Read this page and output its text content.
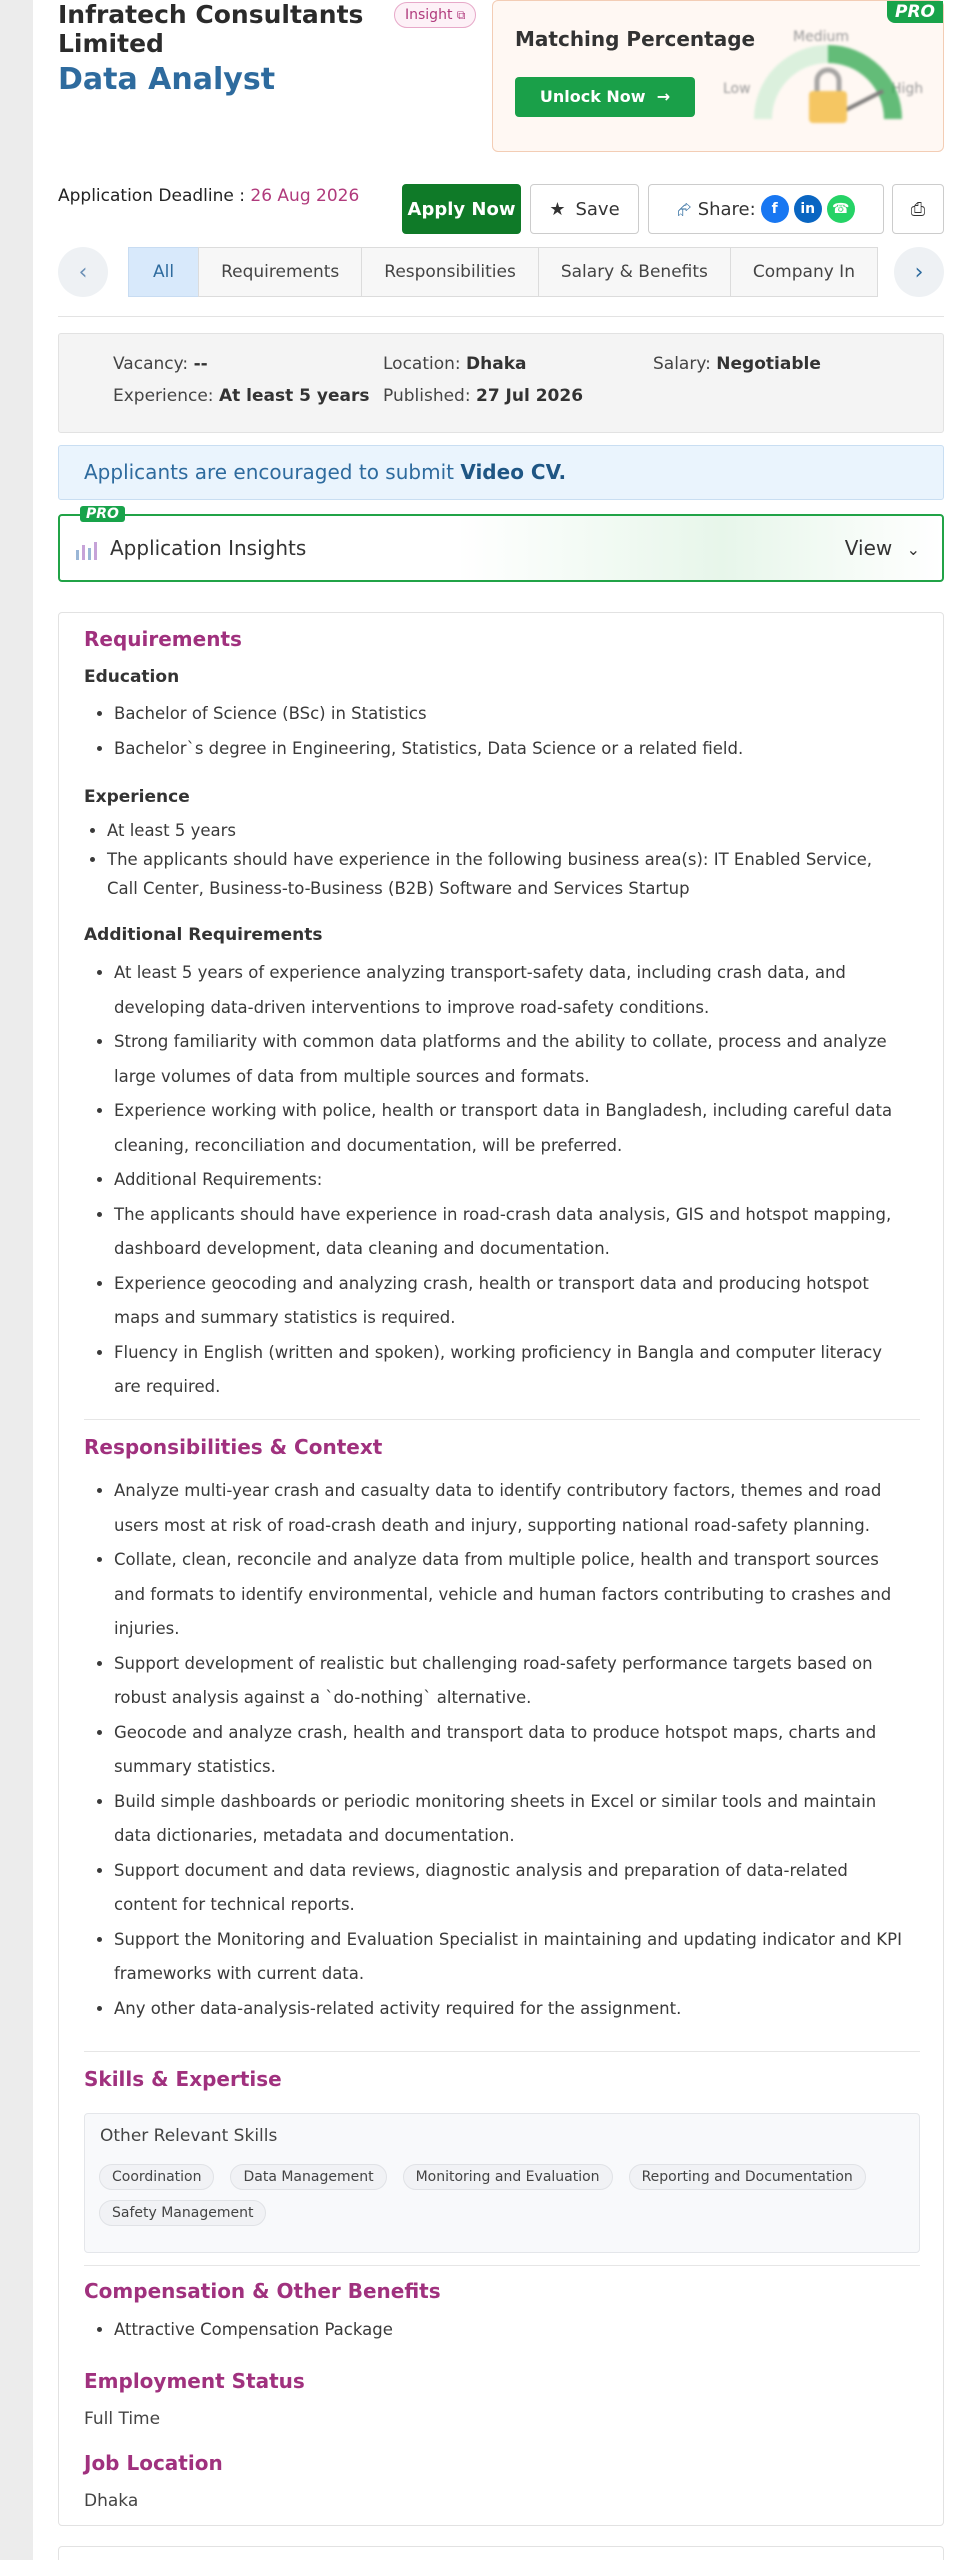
Infratech Consultants Limited
Insight ⧉
Data Analyst
PRO
Matching Percentage
Unlock Now  →	Low
Medium
High
Application Deadline : 26 Aug 2026
Apply Now	★ Save	⮳ Share:	f	in	☎	⎙
‹	All	Requirements	Responsibilities	Salary & Benefits	Company In	›
Vacancy: --	Location: Dhaka	Salary: Negotiable
Experience: At least 5 years Published: 27 Jul 2026
Applicants are encouraged to submit Video CV.
PRO
Application Insights	View ⌄
Requirements
Education
• Bachelor of Science (BSc) in Statistics
• Bachelor`s degree in Engineering, Statistics, Data Science or a related field.
Experience
• At least 5 years
• The applicants should have experience in the following business area(s): IT Enabled Service, Call Center, Business-to-Business (B2B) Software and Services Startup
Additional Requirements
• At least 5 years of experience analyzing transport-safety data, including crash data, and developing data-driven interventions to improve road-safety conditions.
• Strong familiarity with common data platforms and the ability to collate, process and analyze large volumes of data from multiple sources and formats.
• Experience working with police, health or transport data in Bangladesh, including careful data cleaning, reconciliation and documentation, will be preferred.
• Additional Requirements:
• The applicants should have experience in road-crash data analysis, GIS and hotspot mapping, dashboard development, data cleaning and documentation.
• Experience geocoding and analyzing crash, health or transport data and producing hotspot maps and summary statistics is required.
• Fluency in English (written and spoken), working proficiency in Bangla and computer literacy are required.
Responsibilities & Context
• Analyze multi-year crash and casualty data to identify contributory factors, themes and road users most at risk of road-crash death and injury, supporting national road-safety planning.
• Collate, clean, reconcile and analyze data from multiple police, health and transport sources and formats to identify environmental, vehicle and human factors contributing to crashes and injuries.
• Support development of realistic but challenging road-safety performance targets based on robust analysis against a `do-nothing` alternative.
• Geocode and analyze crash, health and transport data to produce hotspot maps, charts and summary statistics.
• Build simple dashboards or periodic monitoring sheets in Excel or similar tools and maintain data dictionaries, metadata and documentation.
• Support document and data reviews, diagnostic analysis and preparation of data-related content for technical reports.
• Support the Monitoring and Evaluation Specialist in maintaining and updating indicator and KPI frameworks with current data.
• Any other data-analysis-related activity required for the assignment.
Skills & Expertise
Other Relevant Skills
Coordination	Data Management	Monitoring and Evaluation	Reporting and Documentation
Safety Management
Compensation & Other Benefits
• Attractive Compensation Package
Employment Status
Full Time
Job Location
Dhaka
